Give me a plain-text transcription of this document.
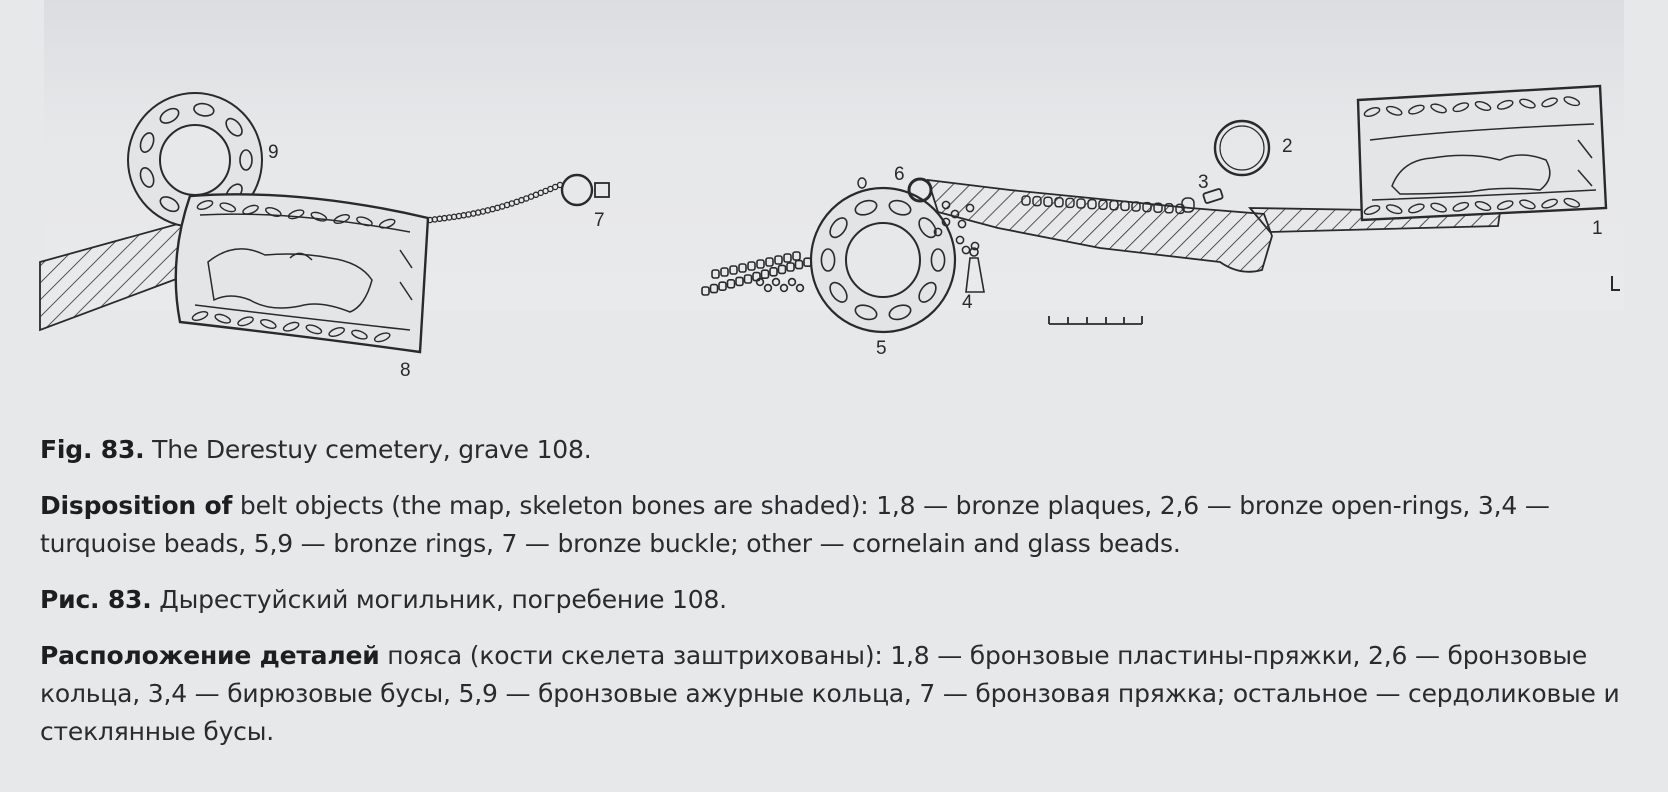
1
2
3
4
5
6
7
8
9
Fig. 83. The Derestuy cemetery, grave 108.
Disposition of belt objects (the map, skeleton bones are shaded): 1,8 — bronze plaques, 2,6 — bronze open-rings, 3,4 — turquoise beads, 5,9 — bronze rings, 7 — bronze buckle; other — cornelain and glass beads.
Рис. 83. Дырестуйский могильник, погребение 108.
Расположение деталей пояса (кости скелета заштрихованы): 1,8 — бронзовые пластины-пряжки, 2,6 — бронзовые кольца, 3,4 — бирюзовые бусы, 5,9 — бронзовые ажурные кольца, 7 — бронзовая пряжка; остальное — сердоликовые и стеклянные бусы.
